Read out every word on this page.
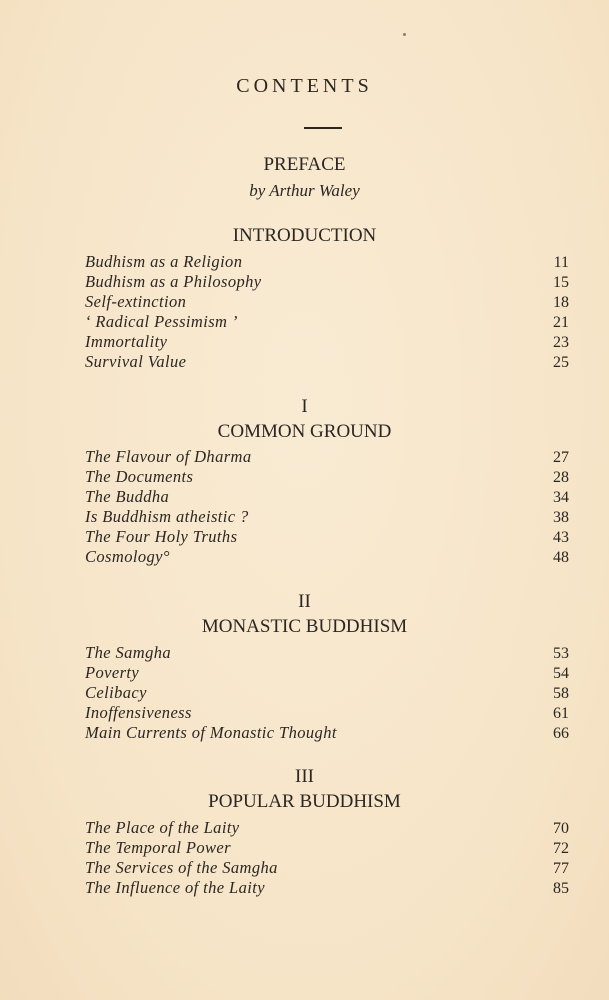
CONTENTS
PREFACE
by Arthur Waley
INTRODUCTION
Budhism as a Religion	11
Budhism as a Philosophy	15
Self-extinction	18
‘ Radical Pessimism ’	21
Immortality	23
Survival Value	25
I
COMMON GROUND
The Flavour of Dharma	27
The Documents	28
The Buddha	34
Is Buddhism atheistic ?	38
The Four Holy Truths	43
Cosmology°	48
II
MONASTIC BUDDHISM
The Samgha	53
Poverty	54
Celibacy	58
Inoffensiveness	61
Main Currents of Monastic Thought	66
III
POPULAR BUDDHISM
The Place of the Laity	70
The Temporal Power	72
The Services of the Samgha	77
The Influence of the Laity	85
